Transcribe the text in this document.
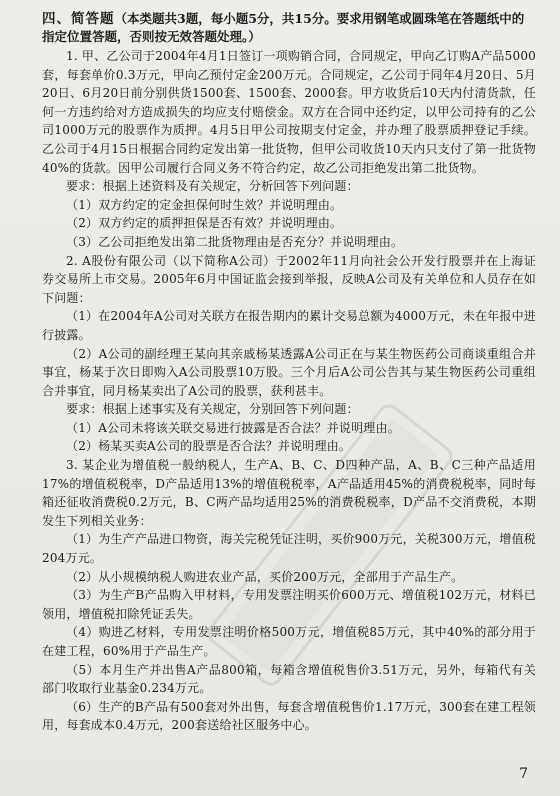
四、简答题（本类题共3题，每小题5分，共15分。要求用钢笔或圆珠笔在答题纸中的指定位置答题，否则按无效答题处理。）

1. 甲、乙公司于2004年4月1日签订一项购销合同，合同规定，甲向乙订购A产品5000套，每套单价0.3万元，甲向乙预付定金200万元。合同规定，乙公司于同年4月20日、5月20日、6月20日前分别供货1500套、1500套、2000套。甲方收货后10天内付清货款，任何一方违约给对方造成损失的均应支付赔偿金。双方在合同中还约定，以甲公司持有的乙公司1000万元的股票作为质押。4月5日甲公司按期支付定金，并办理了股票质押登记手续。乙公司于4月15日根据合同约定发出第一批货物，但甲公司收货10天内只支付了第一批货物40%的货款。因甲公司履行合同义务不符合约定，故乙公司拒绝发出第二批货物。

要求：根据上述资料及有关规定，分析回答下列问题：

（1）双方约定的定金担保何时生效？并说明理由。

（2）双方约定的质押担保是否有效？并说明理由。

（3）乙公司拒绝发出第二批货物理由是否充分？并说明理由。

2. A股份有限公司（以下简称A公司）于2002年11月向社会公开发行股票并在上海证券交易所上市交易。2005年6月中国证监会接到举报，反映A公司及有关单位和人员存在如下问题：

（1）在2004年A公司对关联方在报告期内的累计交易总额为4000万元，未在年报中进行披露。

（2）A公司的副经理王某向其亲戚杨某透露A公司正在与某生物医药公司商谈重组合并事宜，杨某于次日即购入A公司股票10万股。三个月后A公司公告其与某生物医药公司重组合并事宜，同月杨某卖出了A公司的股票，获利甚丰。

要求：根据上述事实及有关规定，分别回答下列问题：

（1）A公司未将该关联交易进行披露是否合法？并说明理由。

（2）杨某买卖A公司的股票是否合法？并说明理由。

3. 某企业为增值税一般纳税人，生产A、B、C、D四种产品，A、B、C三种产品适用17%的增值税税率，D产品适用13%的增值税税率，A产品适用45%的消费税税率，同时每箱还征收消费税0.2万元，B、C两产品均适用25%的消费税税率，D产品不交消费税，本期发生下列相关业务：

（1）为生产产品进口物资，海关完税凭证注明，买价900万元，关税300万元，增值税204万元。

（2）从小规模纳税人购进农业产品，买价200万元，全部用于产品生产。

（3）为生产B产品购入甲材料，专用发票注明买价600万元、增值税102万元，材料已领用，增值税扣除凭证丢失。

（4）购进乙材料，专用发票注明价格500万元，增值税85万元，其中40%的部分用于在建工程，60%用于产品生产。

（5）本月生产并出售A产品800箱，每箱含增值税售价3.51万元，另外，每箱代有关部门收取行业基金0.234万元。

（6）生产的B产品有500套对外出售，每套含增值税售价1.17万元，300套在建工程领用，每套成本0.4万元，200套送给社区服务中心。

7
